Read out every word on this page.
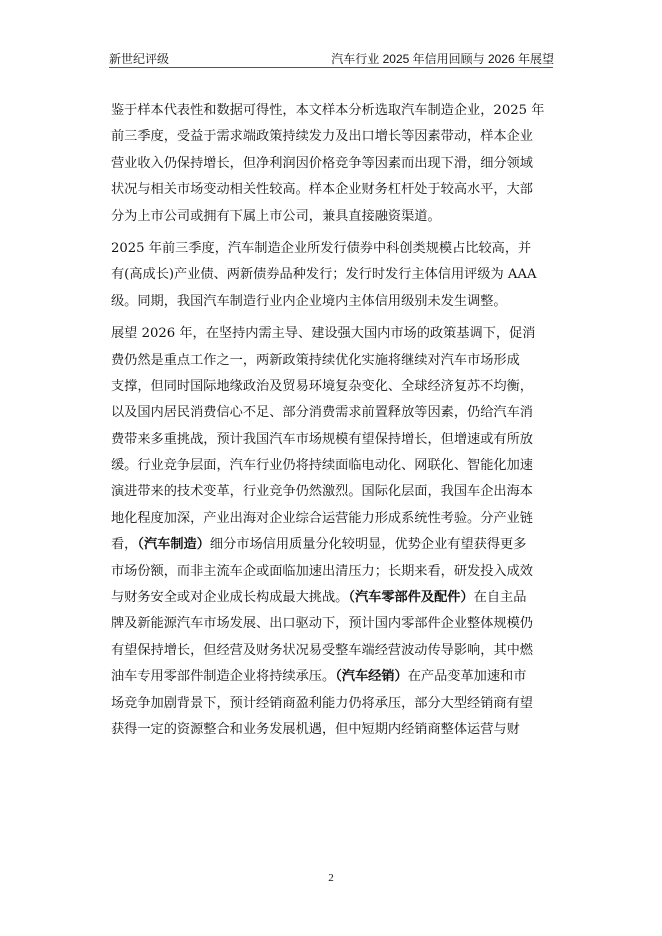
新世纪评级	汽车行业 2025 年信用回顾与 2026 年展望
鉴于样本代表性和数据可得性，本文样本分析选取汽车制造企业，2025 年
前三季度，受益于需求端政策持续发力及出口增长等因素带动，样本企业
营业收入仍保持增长，但净利润因价格竞争等因素而出现下滑，细分领域
状况与相关市场变动相关性较高。样本企业财务杠杆处于较高水平，大部
分为上市公司或拥有下属上市公司，兼具直接融资渠道。
2025 年前三季度，汽车制造企业所发行债券中科创类规模占比较高，并
有(高成长)产业债、两新债券品种发行；发行时发行主体信用评级为 AAA
级。同期，我国汽车制造行业内企业境内主体信用级别未发生调整。
展望 2026 年，在坚持内需主导、建设强大国内市场的政策基调下，促消
费仍然是重点工作之一，两新政策持续优化实施将继续对汽车市场形成
支撑，但同时国际地缘政治及贸易环境复杂变化、全球经济复苏不均衡，
以及国内居民消费信心不足、部分消费需求前置释放等因素，仍给汽车消
费带来多重挑战，预计我国汽车市场规模有望保持增长，但增速或有所放
缓。行业竞争层面，汽车行业仍将持续面临电动化、网联化、智能化加速
演进带来的技术变革，行业竞争仍然激烈。国际化层面，我国车企出海本
地化程度加深，产业出海对企业综合运营能力形成系统性考验。分产业链
看，（汽车制造）细分市场信用质量分化较明显，优势企业有望获得更多
市场份额，而非主流车企或面临加速出清压力；长期来看，研发投入成效
与财务安全或对企业成长构成最大挑战。（汽车零部件及配件）在自主品
牌及新能源汽车市场发展、出口驱动下，预计国内零部件企业整体规模仍
有望保持增长，但经营及财务状况易受整车端经营波动传导影响，其中燃
油车专用零部件制造企业将持续承压。（汽车经销）在产品变革加速和市
场竞争加剧背景下，预计经销商盈利能力仍将承压，部分大型经销商有望
获得一定的资源整合和业务发展机遇，但中短期内经销商整体运营与财
2
